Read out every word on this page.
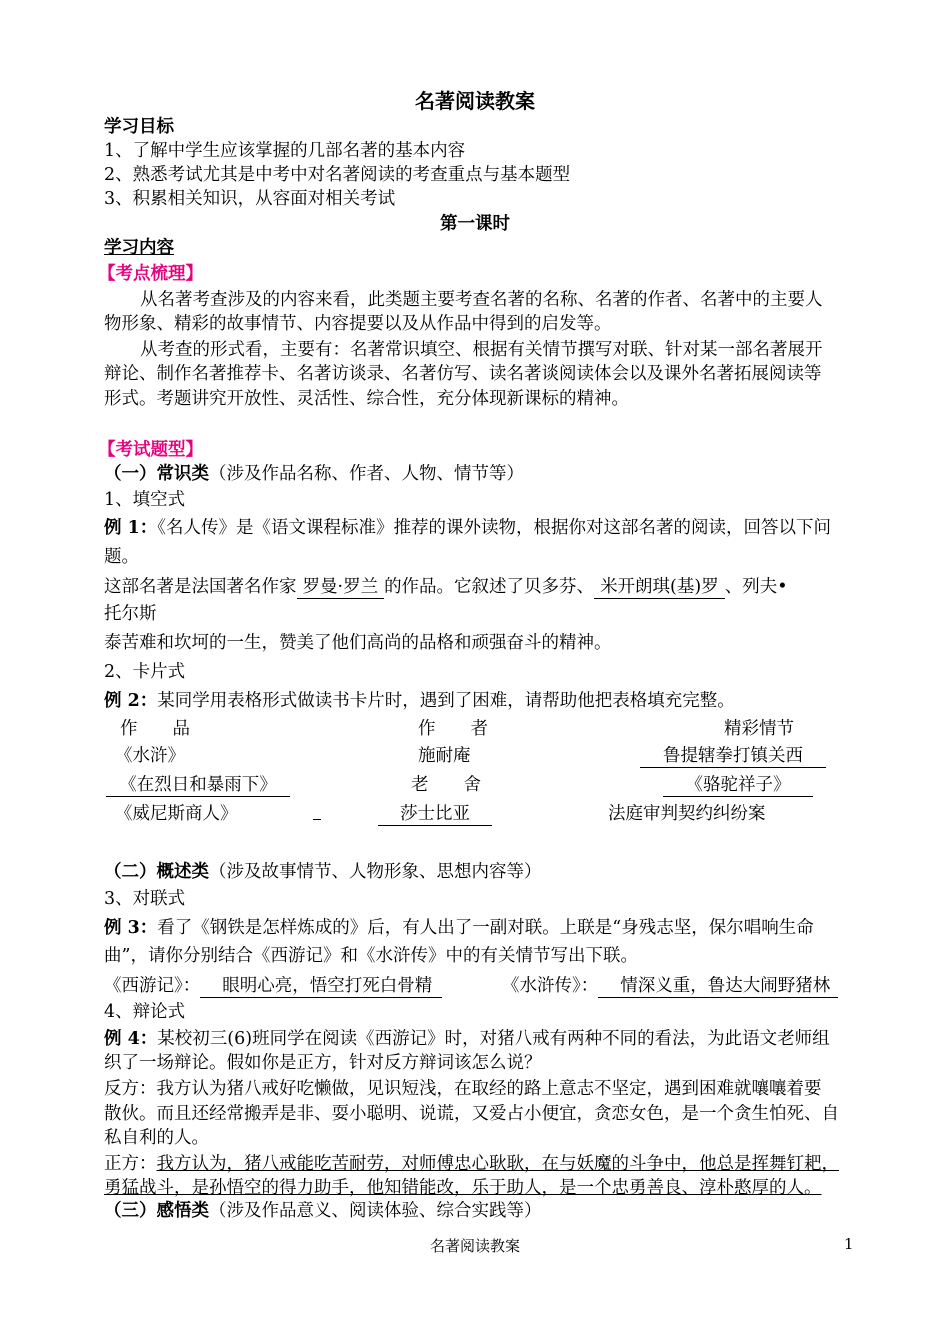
名著阅读教案
学习目标
1、了解中学生应该掌握的几部名著的基本内容
2、熟悉考试尤其是中考中对名著阅读的考查重点与基本题型
3、积累相关知识，从容面对相关考试
第一课时
学习内容
【考点梳理】
从名著考查涉及的内容来看，此类题主要考查名著的名称、名著的作者、名著中的主要人
物形象、精彩的故事情节、内容提要以及从作品中得到的启发等。
从考查的形式看，主要有：名著常识填空、根据有关情节撰写对联、针对某一部名著展开
辩论、制作名著推荐卡、名著访谈录、名著仿写、读名著谈阅读体会以及课外名著拓展阅读等
形式。考题讲究开放性、灵活性、综合性，充分体现新课标的精神。
【考试题型】
（一）常识类（涉及作品名称、作者、人物、情节等）
1、填空式
例 1：《名人传》是《语文课程标准》推荐的课外读物，根据你对这部名著的阅读，回答以下问
题。
这部名著是法国著名作家 罗曼·罗兰 的作品。它叙述了贝多芬、 米开朗琪(基)罗 、列夫•
托尔斯
泰苦难和坎坷的一生，赞美了他们高尚的品格和顽强奋斗的精神。
2、卡片式
例 2：某同学用表格形式做读书卡片时，遇到了困难，请帮助他把表格填充完整。
作　　品	作　　者	精彩情节
《水浒》	施耐庵	鲁提辖拳打镇关西
《在烈日和暴雨下》	老　　舍	《骆驼祥子》
《威尼斯商人》	莎士比亚	法庭审判契约纠纷案
（二）概述类（涉及故事情节、人物形象、思想内容等）
3、对联式
例 3：看了《钢铁是怎样炼成的》后，有人出了一副对联。上联是“身残志坚，保尔唱响生命
曲”，请你分别结合《西游记》和《水浒传》中的有关情节写出下联。
《西游记》： 眼明心亮，悟空打死白骨精	《水浒传》： 情深义重，鲁达大闹野猪林
4、辩论式
例 4：某校初三(6)班同学在阅读《西游记》时，对猪八戒有两种不同的看法，为此语文老师组
织了一场辩论。假如你是正方，针对反方辩词该怎么说？
反方：我方认为猪八戒好吃懒做，见识短浅，在取经的路上意志不坚定，遇到困难就嚷嚷着要
散伙。而且还经常搬弄是非、耍小聪明、说谎，又爱占小便宜，贪恋女色，是一个贪生怕死、自
私自利的人。
正方：我方认为，猪八戒能吃苦耐劳，对师傅忠心耿耿，在与妖魔的斗争中，他总是挥舞钉耙，
勇猛战斗，是孙悟空的得力助手，他知错能改，乐于助人，是一个忠勇善良、淳朴憨厚的人。
（三）感悟类（涉及作品意义、阅读体验、综合实践等）
名著阅读教案	1
